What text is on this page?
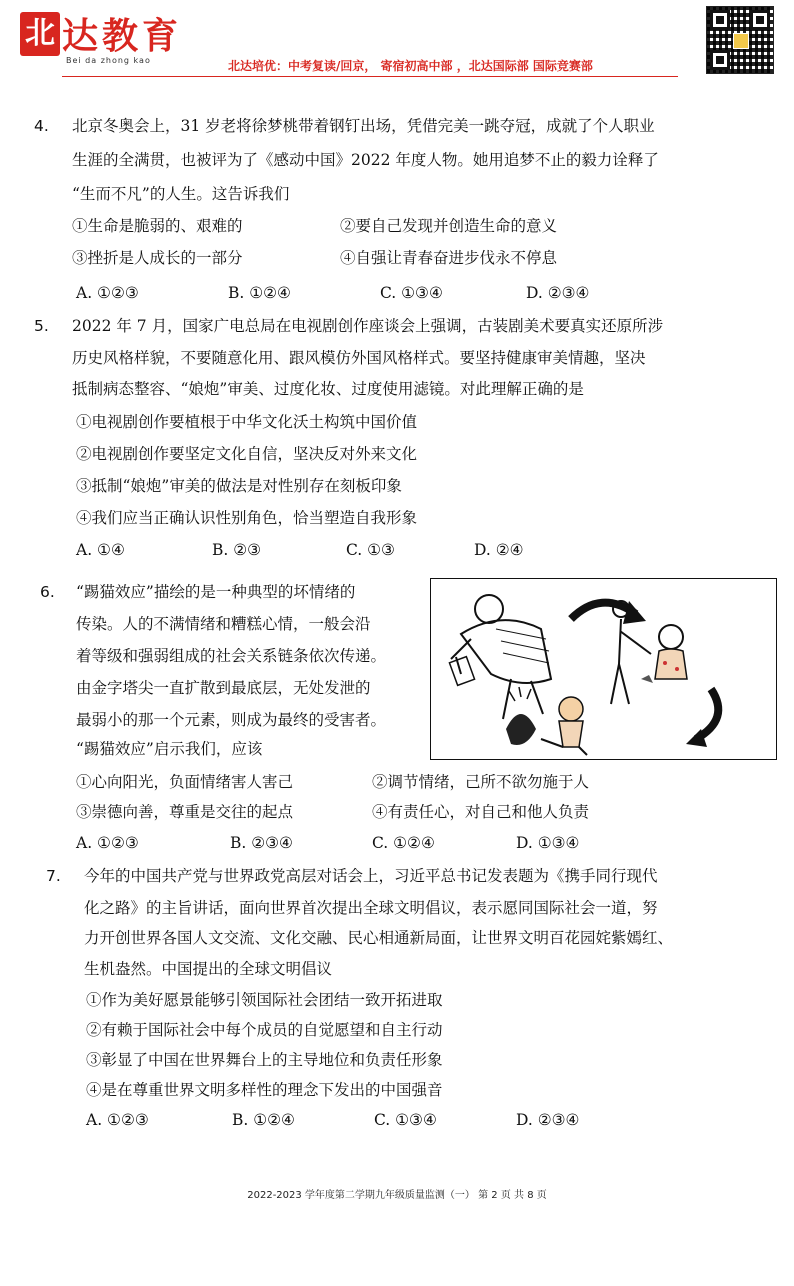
北 达教育
Bei da zhong kao	北达培优：中考复读/回京， 寄宿初高中部 ，北达国际部 国际竞赛部
4. 北京冬奥会上，31 岁老将徐梦桃带着钢钉出场，凭借完美一跳夺冠，成就了个人职业
生涯的全满贯，也被评为了《感动中国》2022 年度人物。她用追梦不止的毅力诠释了
“生而不凡”的人生。这告诉我们
①生命是脆弱的、艰难的	②要自己发现并创造生命的意义
③挫折是人成长的一部分	④自强让青春奋进步伐永不停息
A. ①②③	B. ①②④	C. ①③④	D. ②③④
5. 2022 年 7 月，国家广电总局在电视剧创作座谈会上强调，古装剧美术要真实还原所涉
历史风格样貌，不要随意化用、跟风模仿外国风格样式。要坚持健康审美情趣，坚决
抵制病态整容、“娘炮”审美、过度化妆、过度使用滤镜。对此理解正确的是
①电视剧创作要植根于中华文化沃土构筑中国价值
②电视剧创作要坚定文化自信，坚决反对外来文化
③抵制“娘炮”审美的做法是对性别存在刻板印象
④我们应当正确认识性别角色，恰当塑造自我形象
A. ①④	B. ②③	C. ①③	D. ②④
6. “踢猫效应”描绘的是一种典型的坏情绪的
传染。人的不满情绪和糟糕心情，一般会沿
着等级和强弱组成的社会关系链条依次传递。
由金字塔尖一直扩散到最底层，无处发泄的
最弱小的那一个元素，则成为最终的受害者。
“踢猫效应”启示我们，应该
①心向阳光，负面情绪害人害己	②调节情绪，己所不欲勿施于人
③崇德向善，尊重是交往的起点	④有责任心，对自己和他人负责
A. ①②③	B. ②③④	C. ①②④	D. ①③④
7. 今年的中国共产党与世界政党高层对话会上，习近平总书记发表题为《携手同行现代
化之路》的主旨讲话，面向世界首次提出全球文明倡议，表示愿同国际社会一道，努
力开创世界各国人文交流、文化交融、民心相通新局面，让世界文明百花园姹紫嫣红、
生机盎然。中国提出的全球文明倡议
①作为美好愿景能够引领国际社会团结一致开拓进取
②有赖于国际社会中每个成员的自觉愿望和自主行动
③彰显了中国在世界舞台上的主导地位和负责任形象
④是在尊重世界文明多样性的理念下发出的中国强音
A. ①②③	B. ①②④	C. ①③④	D. ②③④
2022-2023 学年度第二学期九年级质量监测（一） 第 2 页 共 8 页
